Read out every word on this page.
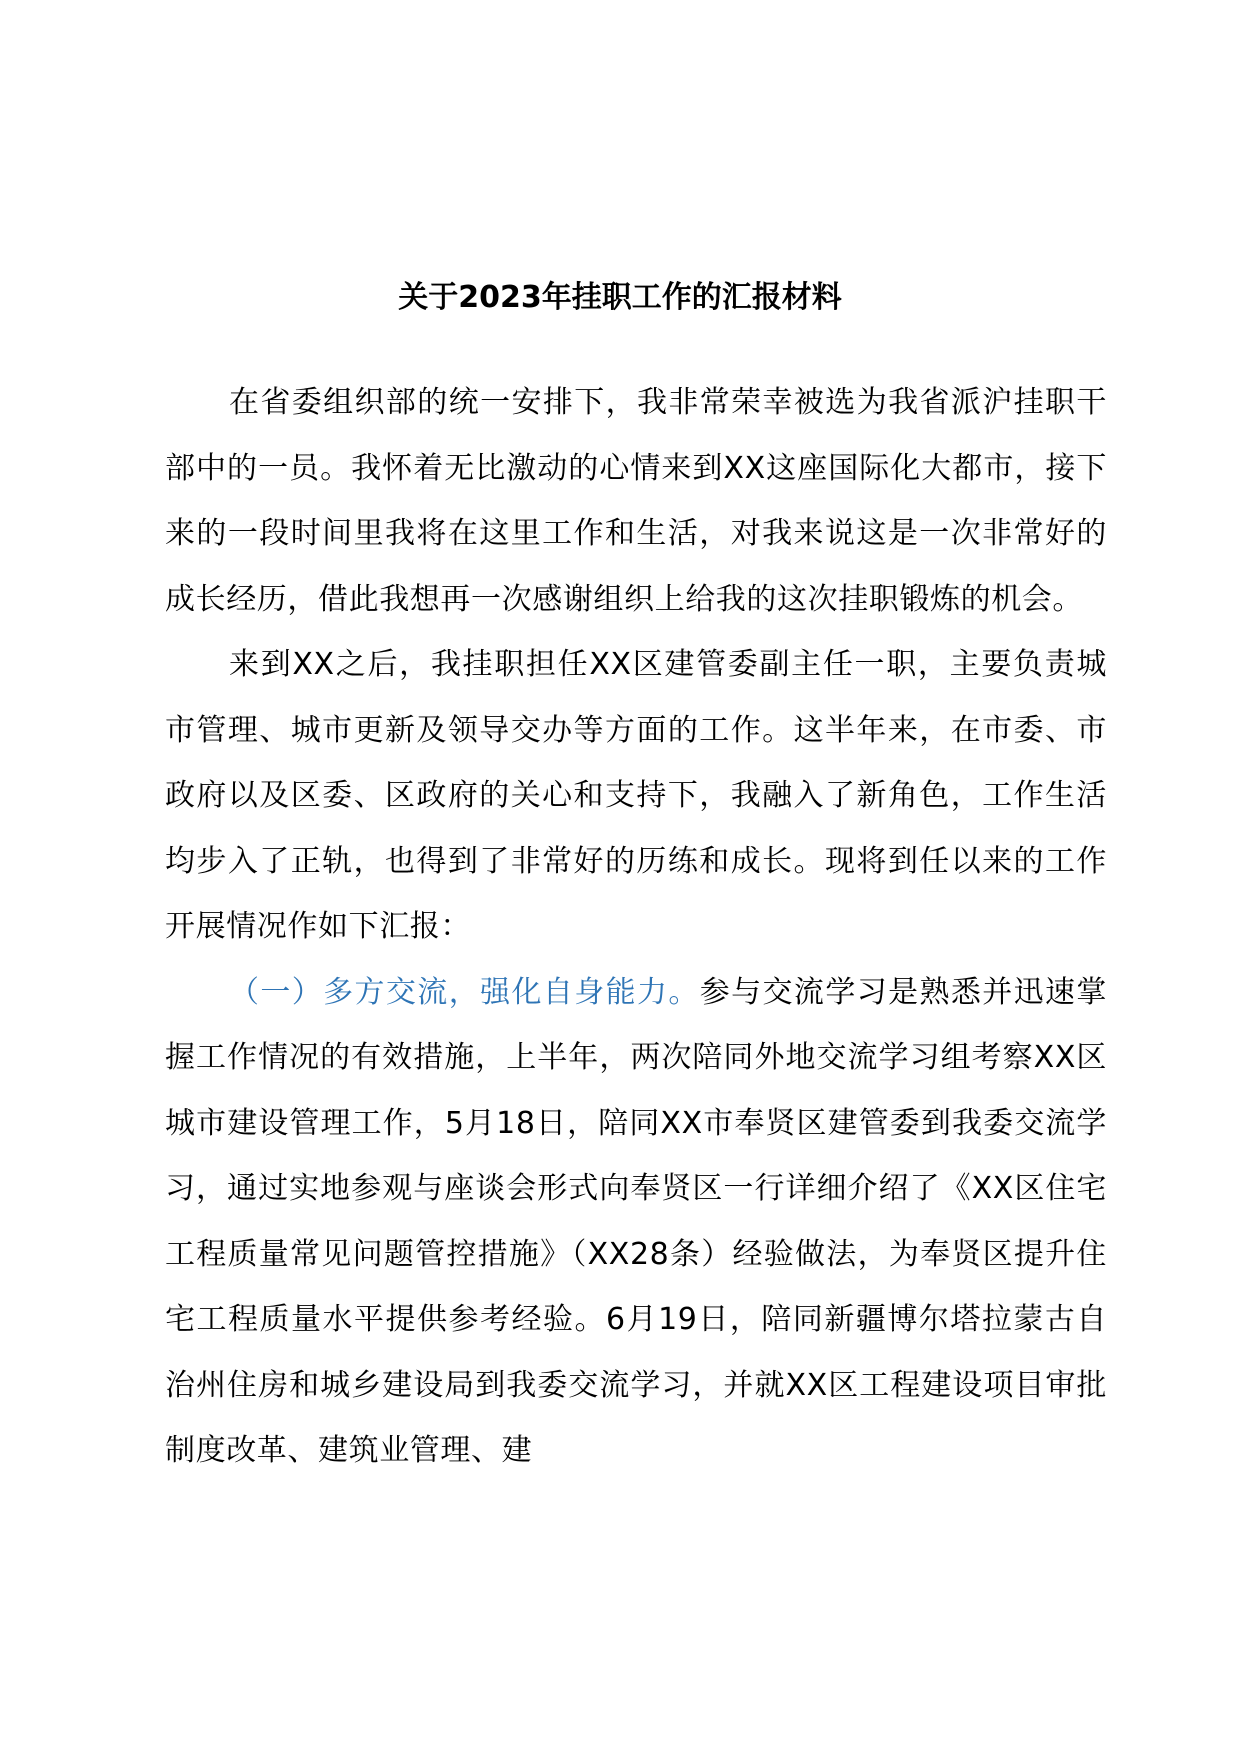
关于2023年挂职工作的汇报材料

在省委组织部的统一安排下，我非常荣幸被选为我省派沪挂职干部中的一员。我怀着无比激动的心情来到XX这座国际化大都市，接下来的一段时间里我将在这里工作和生活，对我来说这是一次非常好的成长经历，借此我想再一次感谢组织上给我的这次挂职锻炼的机会。

来到XX之后，我挂职担任XX区建管委副主任一职，主要负责城市管理、城市更新及领导交办等方面的工作。这半年来，在市委、市政府以及区委、区政府的关心和支持下，我融入了新角色，工作生活均步入了正轨，也得到了非常好的历练和成长。现将到任以来的工作开展情况作如下汇报：

（一）多方交流，强化自身能力。参与交流学习是熟悉并迅速掌握工作情况的有效措施，上半年，两次陪同外地交流学习组考察XX区城市建设管理工作，5月18日，陪同XX市奉贤区建管委到我委交流学习，通过实地参观与座谈会形式向奉贤区一行详细介绍了《XX区住宅工程质量常见问题管控措施》（XX28条）经验做法，为奉贤区提升住宅工程质量水平提供参考经验。6月19日，陪同新疆博尔塔拉蒙古自治州住房和城乡建设局到我委交流学习，并就XX区工程建设项目审批制度改革、建筑业管理、建
